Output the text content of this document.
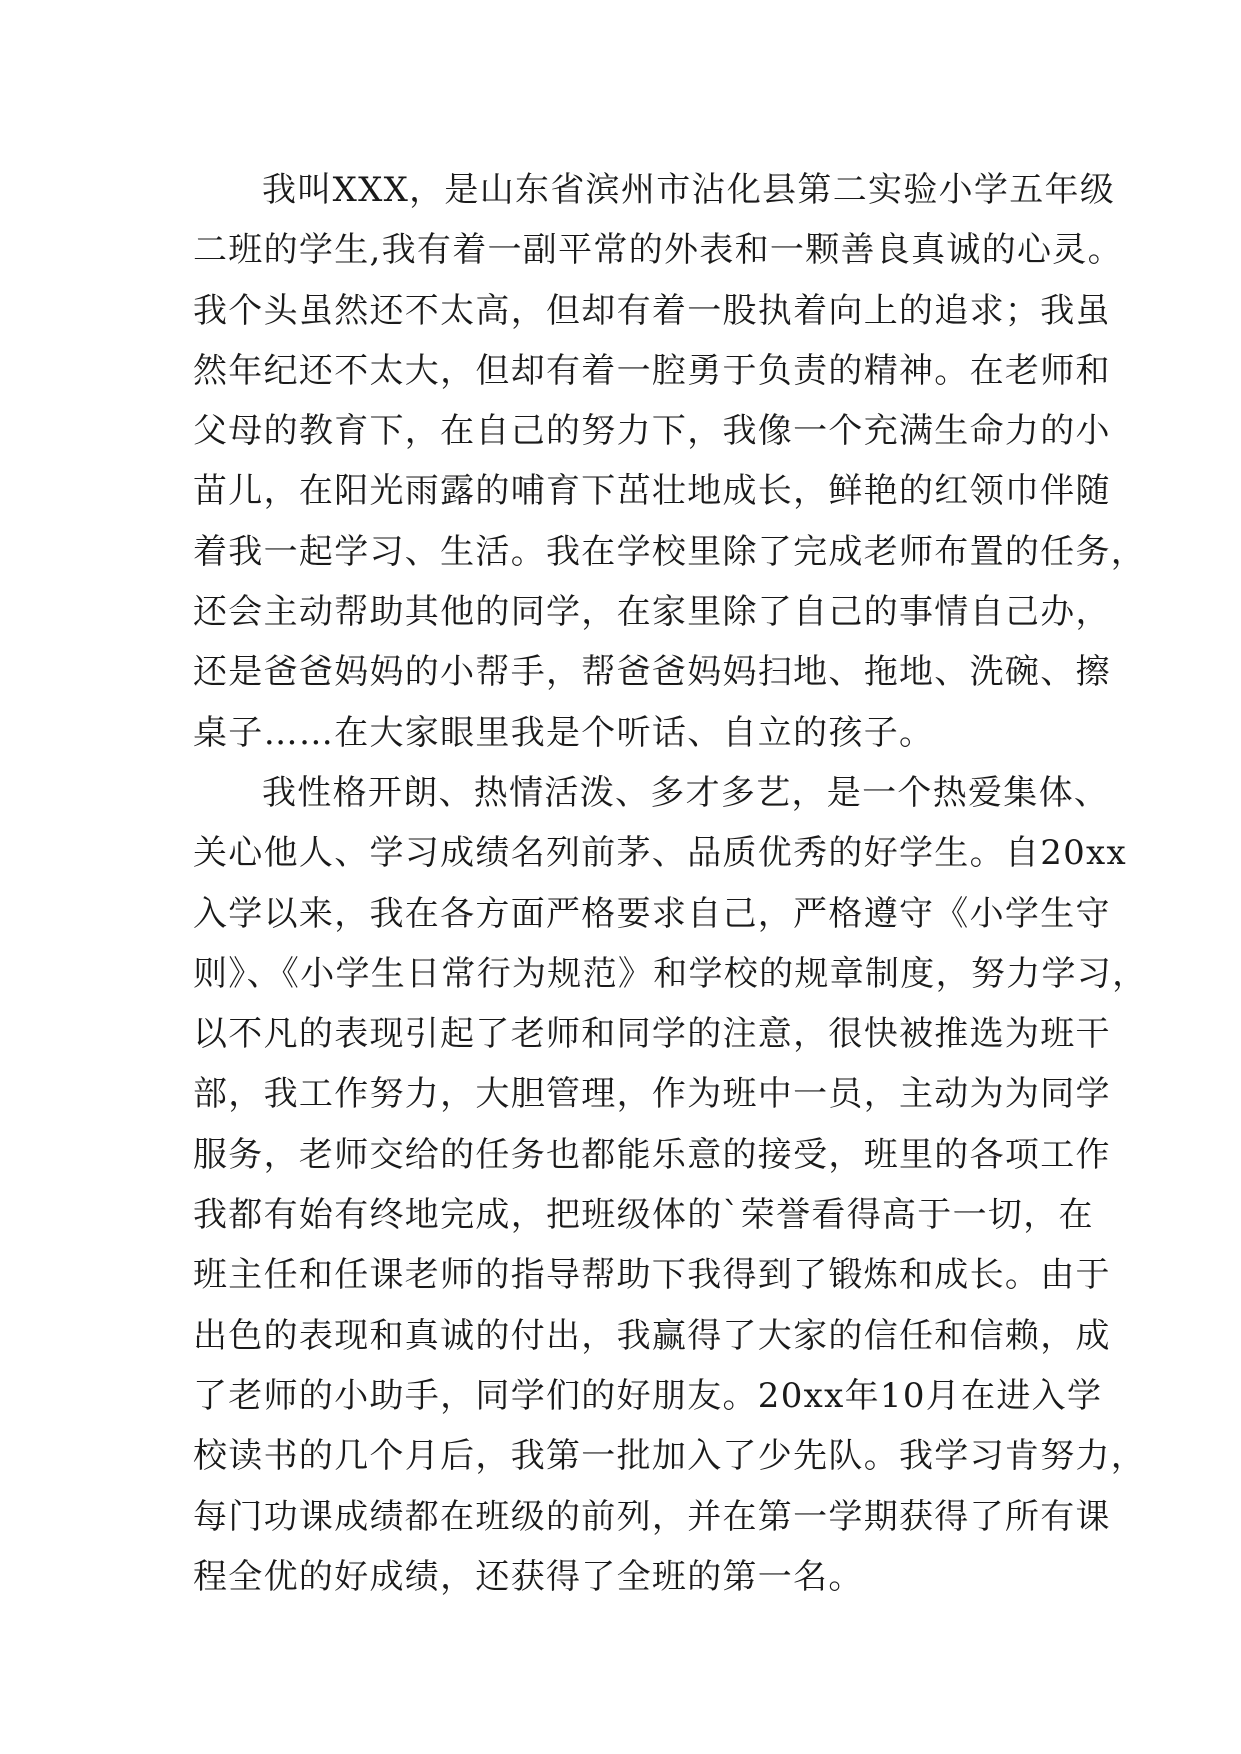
我叫XXX，是山东省滨州市沾化县第二实验小学五年级
二班的学生,我有着一副平常的外表和一颗善良真诚的心灵。
我个头虽然还不太高，但却有着一股执着向上的追求；我虽
然年纪还不太大，但却有着一腔勇于负责的精神。在老师和
父母的教育下，在自己的努力下，我像一个充满生命力的小
苗儿，在阳光雨露的哺育下茁壮地成长，鲜艳的红领巾伴随
着我一起学习、生活。我在学校里除了完成老师布置的任务，
还会主动帮助其他的同学，在家里除了自己的事情自己办，
还是爸爸妈妈的小帮手，帮爸爸妈妈扫地、拖地、洗碗、擦
桌子……在大家眼里我是个听话、自立的孩子。
我性格开朗、热情活泼、多才多艺，是一个热爱集体、
关心他人、学习成绩名列前茅、品质优秀的好学生。自20xx
入学以来，我在各方面严格要求自己，严格遵守《小学生守
则》、《小学生日常行为规范》和学校的规章制度，努力学习，
以不凡的表现引起了老师和同学的注意，很快被推选为班干
部，我工作努力，大胆管理，作为班中一员，主动为为同学
服务，老师交给的任务也都能乐意的接受，班里的各项工作
我都有始有终地完成，把班级体的`荣誉看得高于一切，在
班主任和任课老师的指导帮助下我得到了锻炼和成长。由于
出色的表现和真诚的付出，我赢得了大家的信任和信赖，成
了老师的小助手，同学们的好朋友。20xx年10月在进入学
校读书的几个月后，我第一批加入了少先队。我学习肯努力，
每门功课成绩都在班级的前列，并在第一学期获得了所有课
程全优的好成绩，还获得了全班的第一名。
